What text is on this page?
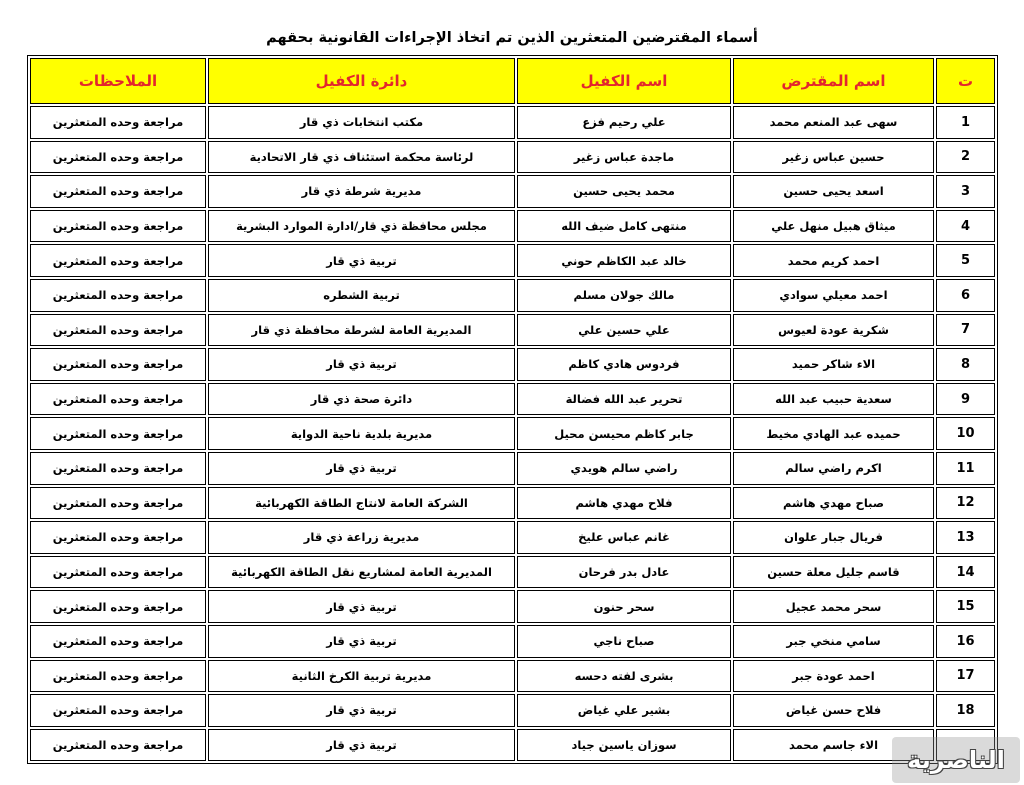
أسماء المقترضين المتعثرين الذين تم اتخاذ الإجراءات القانونية بحقهم
ت	اسم المقترض	اسم الكفيل	دائرة الكفيل	الملاحظات
1	سهى عبد المنعم محمد	علي رحيم فزع	مكتب انتخابات ذي قار	مراجعة وحده المتعثرين
2	حسين عباس زغير	ماجدة عباس زغير	لرئاسة محكمة استئناف ذي قار الاتحادية	مراجعة وحده المتعثرين
3	اسعد يحيى حسين	محمد يحيى حسين	مديرية شرطة ذي قار	مراجعة وحده المتعثرين
4	ميثاق هبيل منهل علي	منتهى كامل ضيف الله	مجلس محافظة ذي قار/ادارة الموارد البشرية	مراجعة وحده المتعثرين
5	احمد كريم محمد	خالد عبد الكاظم حوني	تربية ذي قار	مراجعة وحده المتعثرين
6	احمد معيلي سوادي	مالك جولان مسلم	تربية الشطره	مراجعة وحده المتعثرين
7	شكرية عودة لعيوس	علي حسين علي	المديرية العامة لشرطة محافظة ذي قار	مراجعة وحده المتعثرين
8	الاء شاكر حميد	فردوس هادي كاظم	تربية ذي قار	مراجعة وحده المتعثرين
9	سعدية حبيب عبد الله	تحرير عبد الله فضالة	دائرة صحة ذي قار	مراجعة وحده المتعثرين
10	حميده عبد الهادي مخيط	جابر كاظم محيسن محيل	مديرية بلدية ناحية الدواية	مراجعة وحده المتعثرين
11	اكرم راضي سالم	راضي سالم هويدي	تربية ذي قار	مراجعة وحده المتعثرين
12	صباح مهدي هاشم	فلاح مهدي هاشم	الشركة العامة لانتاج الطاقة الكهربائية	مراجعة وحده المتعثرين
13	فريال جبار علوان	غانم عباس عليخ	مديرية زراعة ذي قار	مراجعة وحده المتعثرين
14	قاسم جليل معلة حسين	عادل بدر فرحان	المديرية العامة لمشاريع نقل الطاقة الكهربائية	مراجعة وحده المتعثرين
15	سحر محمد عجيل	سحر حنون	تربية ذي قار	مراجعة وحده المتعثرين
16	سامي منخي جبر	صباح ناجي	تربية ذي قار	مراجعة وحده المتعثرين
17	احمد عودة جبر	بشرى لفته دحسه	مديرية تربية الكرخ الثانية	مراجعة وحده المتعثرين
18	فلاح حسن غياض	بشير علي غياض	تربية ذي قار	مراجعة وحده المتعثرين
	الاء جاسم محمد	سوزان ياسين جياد	تربية ذي قار	مراجعة وحده المتعثرين
الناصرية
